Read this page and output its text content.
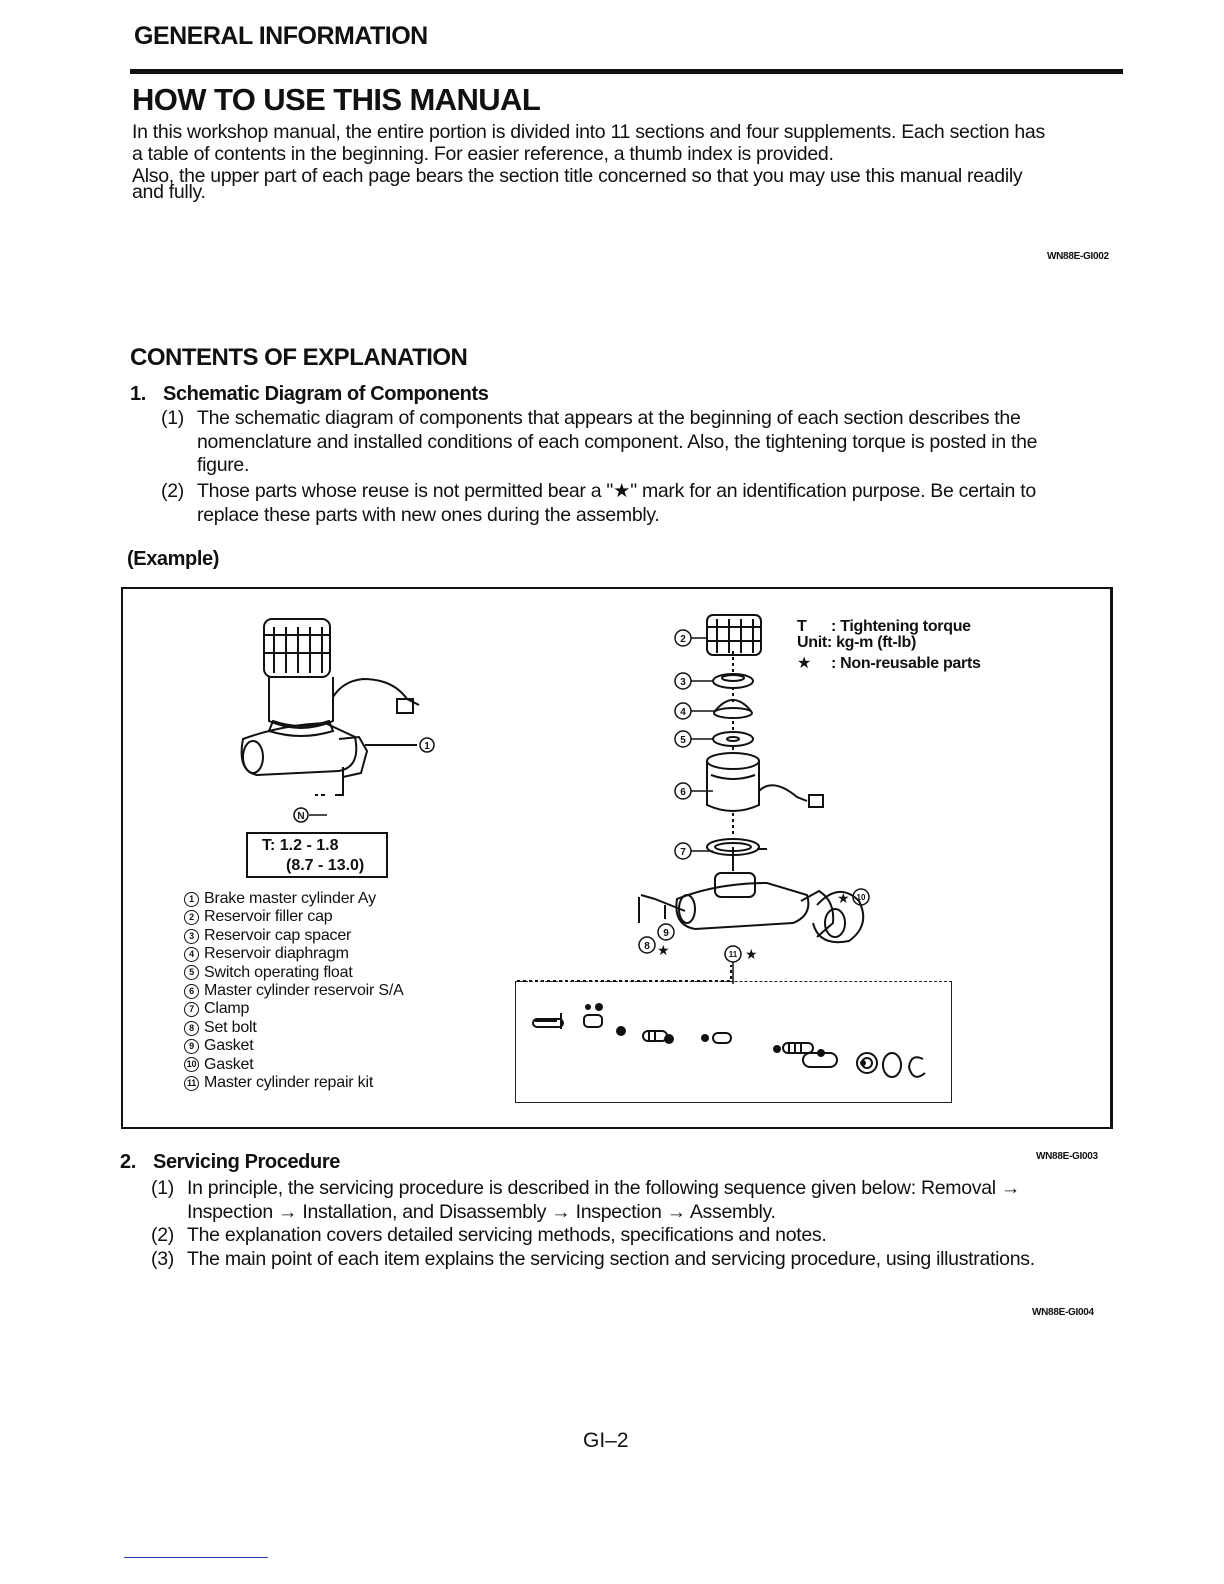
GENERAL INFORMATION
HOW TO USE THIS MANUAL
In this workshop manual, the entire portion is divided into 11 sections and four supplements. Each section has
a table of contents in the beginning. For easier reference, a thumb index is provided.
Also, the upper part of each page bears the section title concerned so that you may use this manual readily
and fully.
WN88E-GI002
CONTENTS OF EXPLANATION
1. Schematic Diagram of Components
(1) The schematic diagram of components that appears at the beginning of each section describes the
nomenclature and installed conditions of each component. Also, the tightening torque is posted in the
figure.
(2) Those parts whose reuse is not permitted bear a "★" mark for an identification purpose. Be certain to
replace these parts with new ones during the assembly.
(Example)
1
N
2
3
4
5
6
7
8
9
10
11
★
★	★
T: 1.2 - 1.8
(8.7 - 13.0)
T : Tightening torque
Unit: kg-m (ft-lb)
★ : Non-reusable parts
1 Brake master cylinder Ay
2 Reservoir filler cap
3 Reservoir cap spacer
4 Reservoir diaphragm
5 Switch operating float
6 Master cylinder reservoir S/A
7 Clamp
8 Set bolt
9 Gasket
10 Gasket
11 Master cylinder repair kit
2. Servicing Procedure	WN88E-GI003
(1) In principle, the servicing procedure is described in the following sequence given below: Removal →
Inspection → Installation, and Disassembly → Inspection → Assembly.
(2) The explanation covers detailed servicing methods, specifications and notes.
(3) The main point of each item explains the servicing section and servicing procedure, using illustrations.
WN88E-GI004
GI–2
